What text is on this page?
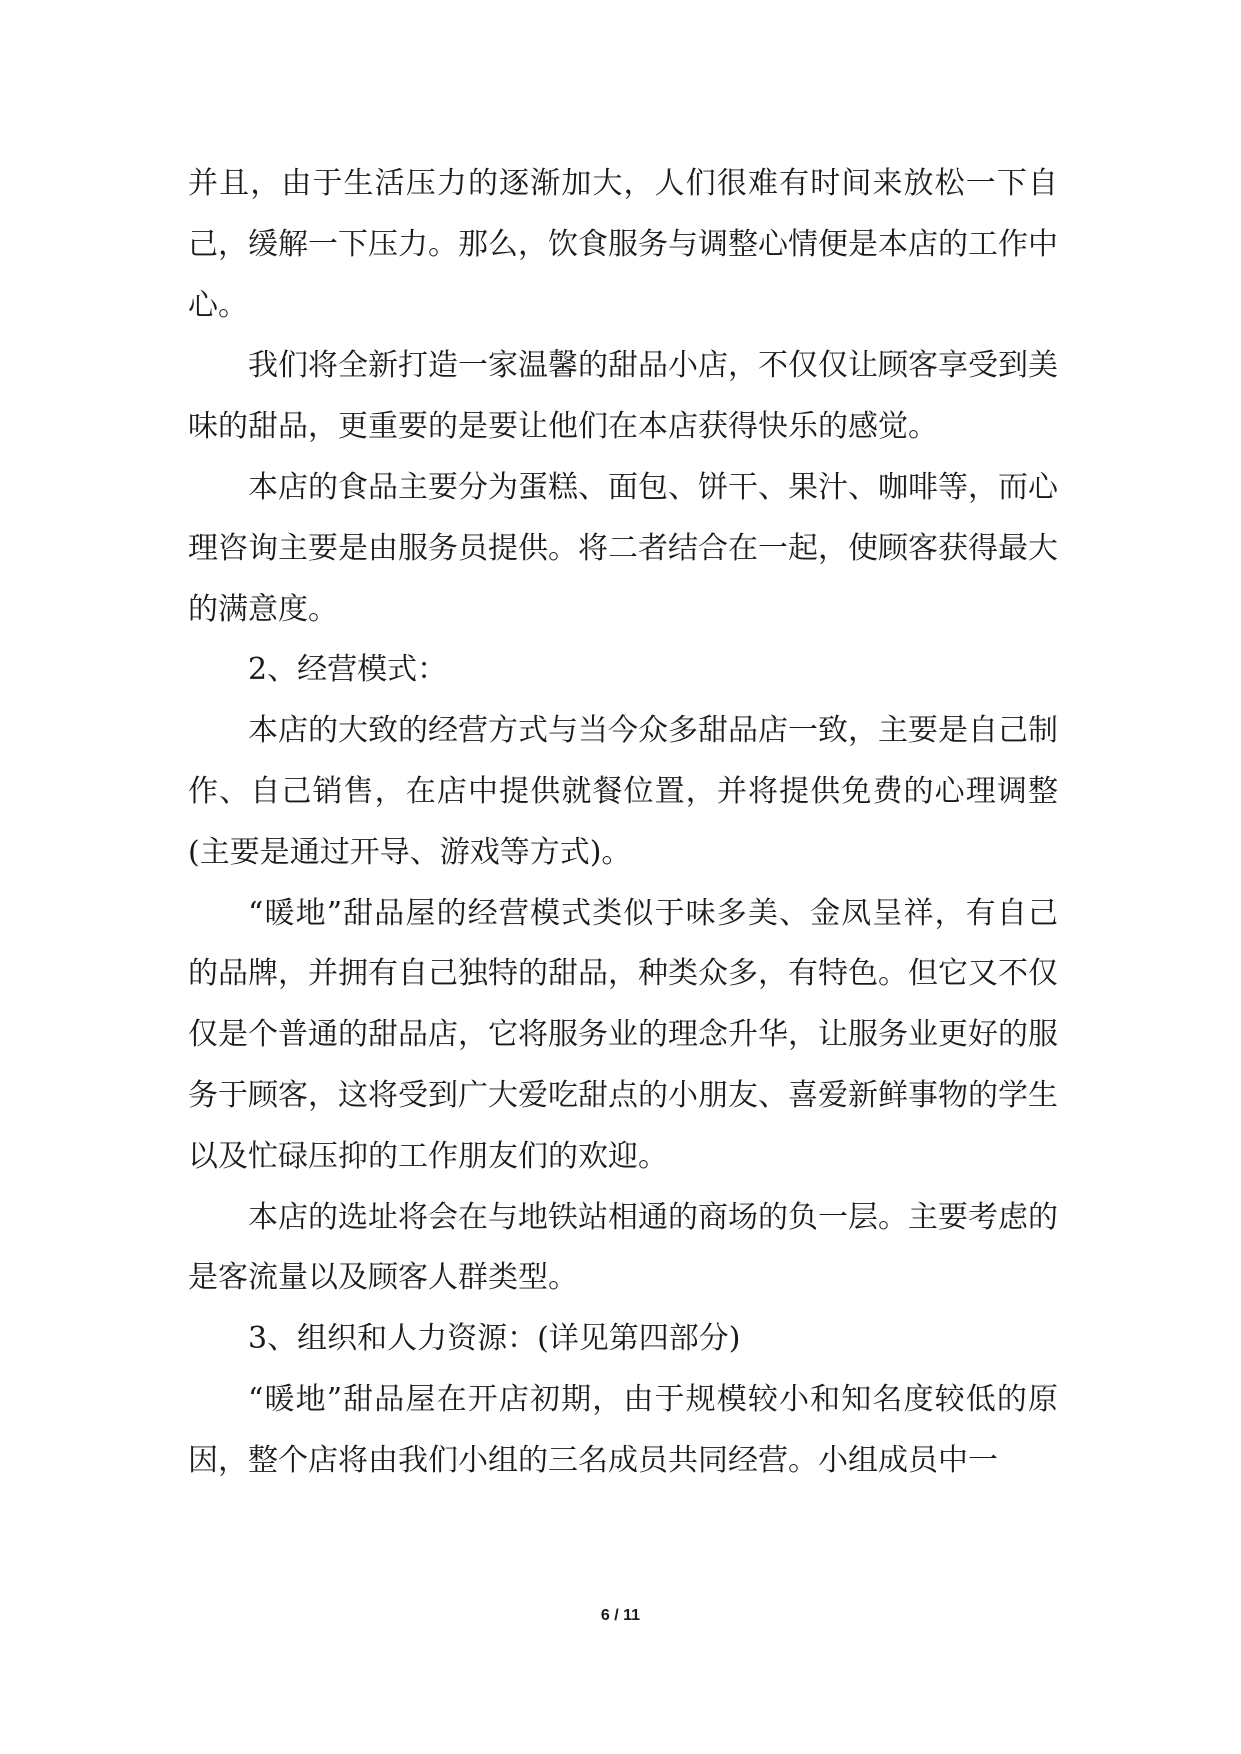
并且，由于生活压力的逐渐加大，人们很难有时间来放松一下自己，缓解一下压力。那么，饮食服务与调整心情便是本店的工作中心。

我们将全新打造一家温馨的甜品小店，不仅仅让顾客享受到美味的甜品，更重要的是要让他们在本店获得快乐的感觉。

本店的食品主要分为蛋糕、面包、饼干、果汁、咖啡等，而心理咨询主要是由服务员提供。将二者结合在一起，使顾客获得最大的满意度。

2、经营模式：

本店的大致的经营方式与当今众多甜品店一致，主要是自己制作、自己销售，在店中提供就餐位置，并将提供免费的心理调整(主要是通过开导、游戏等方式)。

“暖地”甜品屋的经营模式类似于味多美、金凤呈祥，有自己的品牌，并拥有自己独特的甜品，种类众多，有特色。但它又不仅仅是个普通的甜品店，它将服务业的理念升华，让服务业更好的服务于顾客，这将受到广大爱吃甜点的小朋友、喜爱新鲜事物的学生以及忙碌压抑的工作朋友们的欢迎。

本店的选址将会在与地铁站相通的商场的负一层。主要考虑的是客流量以及顾客人群类型。

3、组织和人力资源：(详见第四部分)

“暖地”甜品屋在开店初期，由于规模较小和知名度较低的原因，整个店将由我们小组的三名成员共同经营。小组成员中一

6 / 11
